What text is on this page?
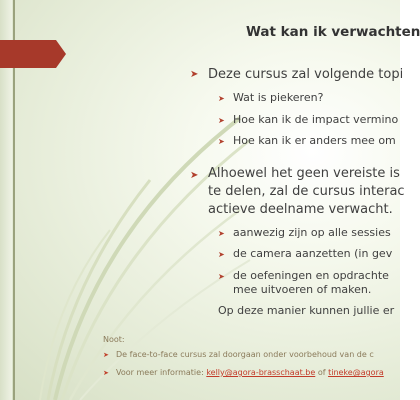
Wat kan ik verwachten
➤ Deze cursus zal volgende topi
➤ Wat is piekeren?
➤ Hoe kan ik de impact vermino
➤ Hoe kan ik er anders mee om
➤ Alhoewel het geen vereiste is
te delen, zal de cursus interac
actieve deelname verwacht.
➤ aanwezig zijn op alle sessies
➤ de camera aanzetten (in gev
➤ de oefeningen en opdrachte
mee uitvoeren of maken.
Op deze manier kunnen jullie er
Noot:
➤ De face-to-face cursus zal doorgaan onder voorbehoud van de c
➤ Voor meer informatie: kelly@agora-brasschaat.be of tineke@agora
